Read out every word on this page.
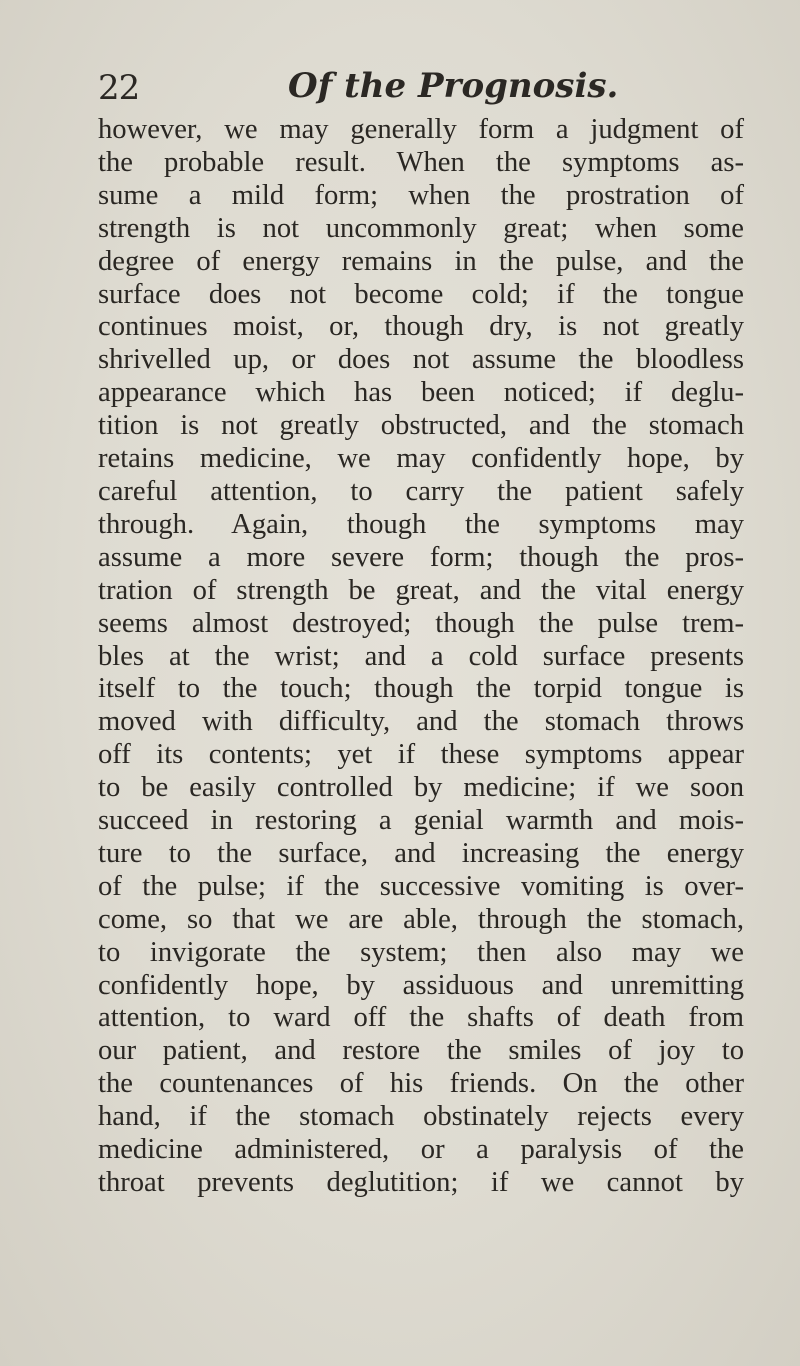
22	Of the Prognosis.
however, we may generally form a judgment of
the probable result. When the symptoms as-
sume a mild form; when the prostration of
strength is not uncommonly great; when some
degree of energy remains in the pulse, and the
surface does not become cold; if the tongue
continues moist, or, though dry, is not greatly
shrivelled up, or does not assume the bloodless
appearance which has been noticed; if deglu-
tition is not greatly obstructed, and the stomach
retains medicine, we may confidently hope, by
careful attention, to carry the patient safely
through. Again, though the symptoms may
assume a more severe form; though the pros-
tration of strength be great, and the vital energy
seems almost destroyed; though the pulse trem-
bles at the wrist; and a cold surface presents
itself to the touch; though the torpid tongue is
moved with difficulty, and the stomach throws
off its contents; yet if these symptoms appear
to be easily controlled by medicine; if we soon
succeed in restoring a genial warmth and mois-
ture to the surface, and increasing the energy
of the pulse; if the successive vomiting is over-
come, so that we are able, through the stomach,
to invigorate the system; then also may we
confidently hope, by assiduous and unremitting
attention, to ward off the shafts of death from
our patient, and restore the smiles of joy to
the countenances of his friends. On the other
hand, if the stomach obstinately rejects every
medicine administered, or a paralysis of the
throat prevents deglutition; if we cannot by
